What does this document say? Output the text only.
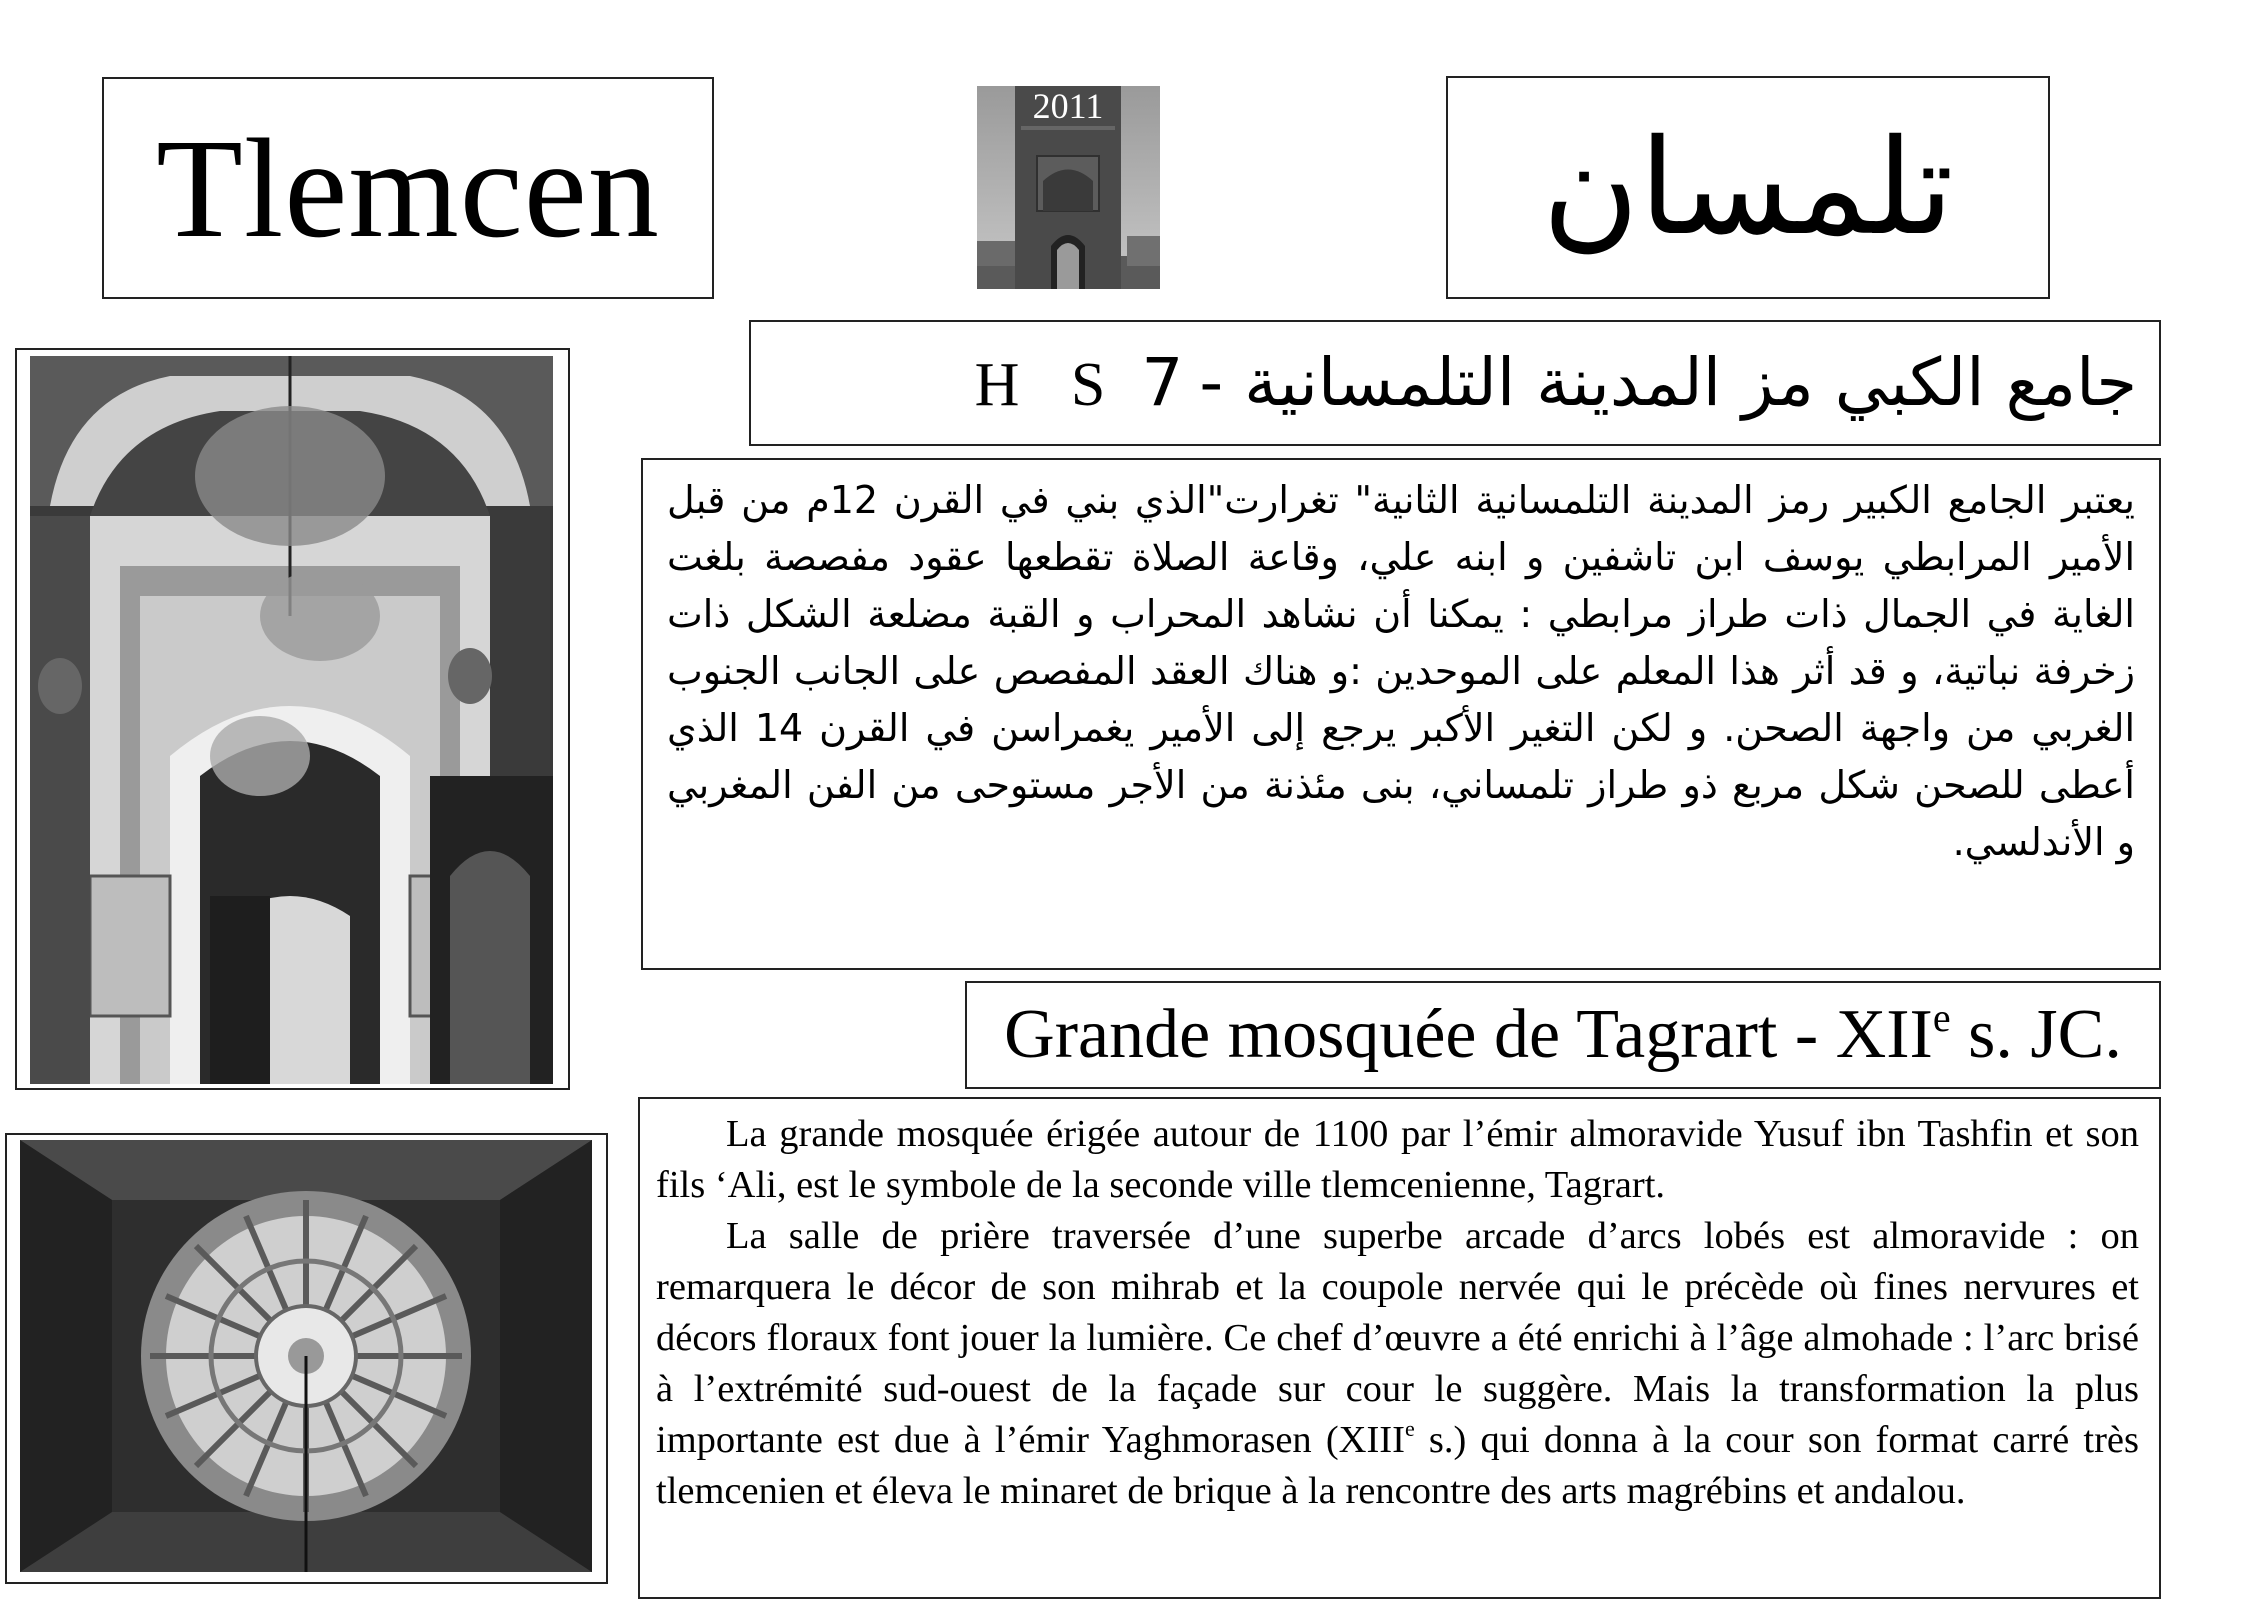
Tlemcen
2011
تلمسان
جامع الكبي مز المدينة التلمسانية -
7
H S

يعتبر الجامع الكبير رمز المدينة التلمسانية الثانية" تغرارت"الذي بني في القرن 12م من قبل الأمير المرابطي يوسف ابن تاشفين و ابنه علي، وقاعة الصلاة تقطعها عقود مفصصة بلغت الغاية في الجمال ذات طراز مرابطي : يمكنا أن نشاهد المحراب و القبة مضلعة الشكل ذات زخرفة نباتية، و قد أثر هذا المعلم على الموحدين :و هناك العقد المفصص على الجانب الجنوب الغربي من واجهة الصحن. و لكن التغير الأكبر يرجع إلى الأمير يغمراسن في القرن 14 الذي أعطى للصحن شكل مربع ذو طراز تلمساني، بنى مئذنة من الأجر مستوحى من الفن المغربي و الأندلسي.

Grande mosquée de Tagrart - XIIe s. JC.

La grande mosquée érigée autour de 1100 par l’émir almoravide Yusuf ibn Tashfin et son fils ‘Ali, est le symbole de la seconde ville tlemcenienne, Tagrart.

La salle de prière traversée d’une superbe arcade d’arcs lobés est almoravide : on remarquera le décor de son mihrab et la coupole nervée qui le précède où fines nervures et décors floraux font jouer la lumière. Ce chef d’œuvre a été enrichi à l’âge almohade : l’arc brisé à l’extrémité sud-ouest de la façade sur cour le suggère. Mais la transformation la plus importante est due à l’émir Yaghmorasen (XIIIe s.) qui donna à la cour son format carré très tlemcenien et éleva le minaret de brique à la rencontre des arts magrébins et andalou.
